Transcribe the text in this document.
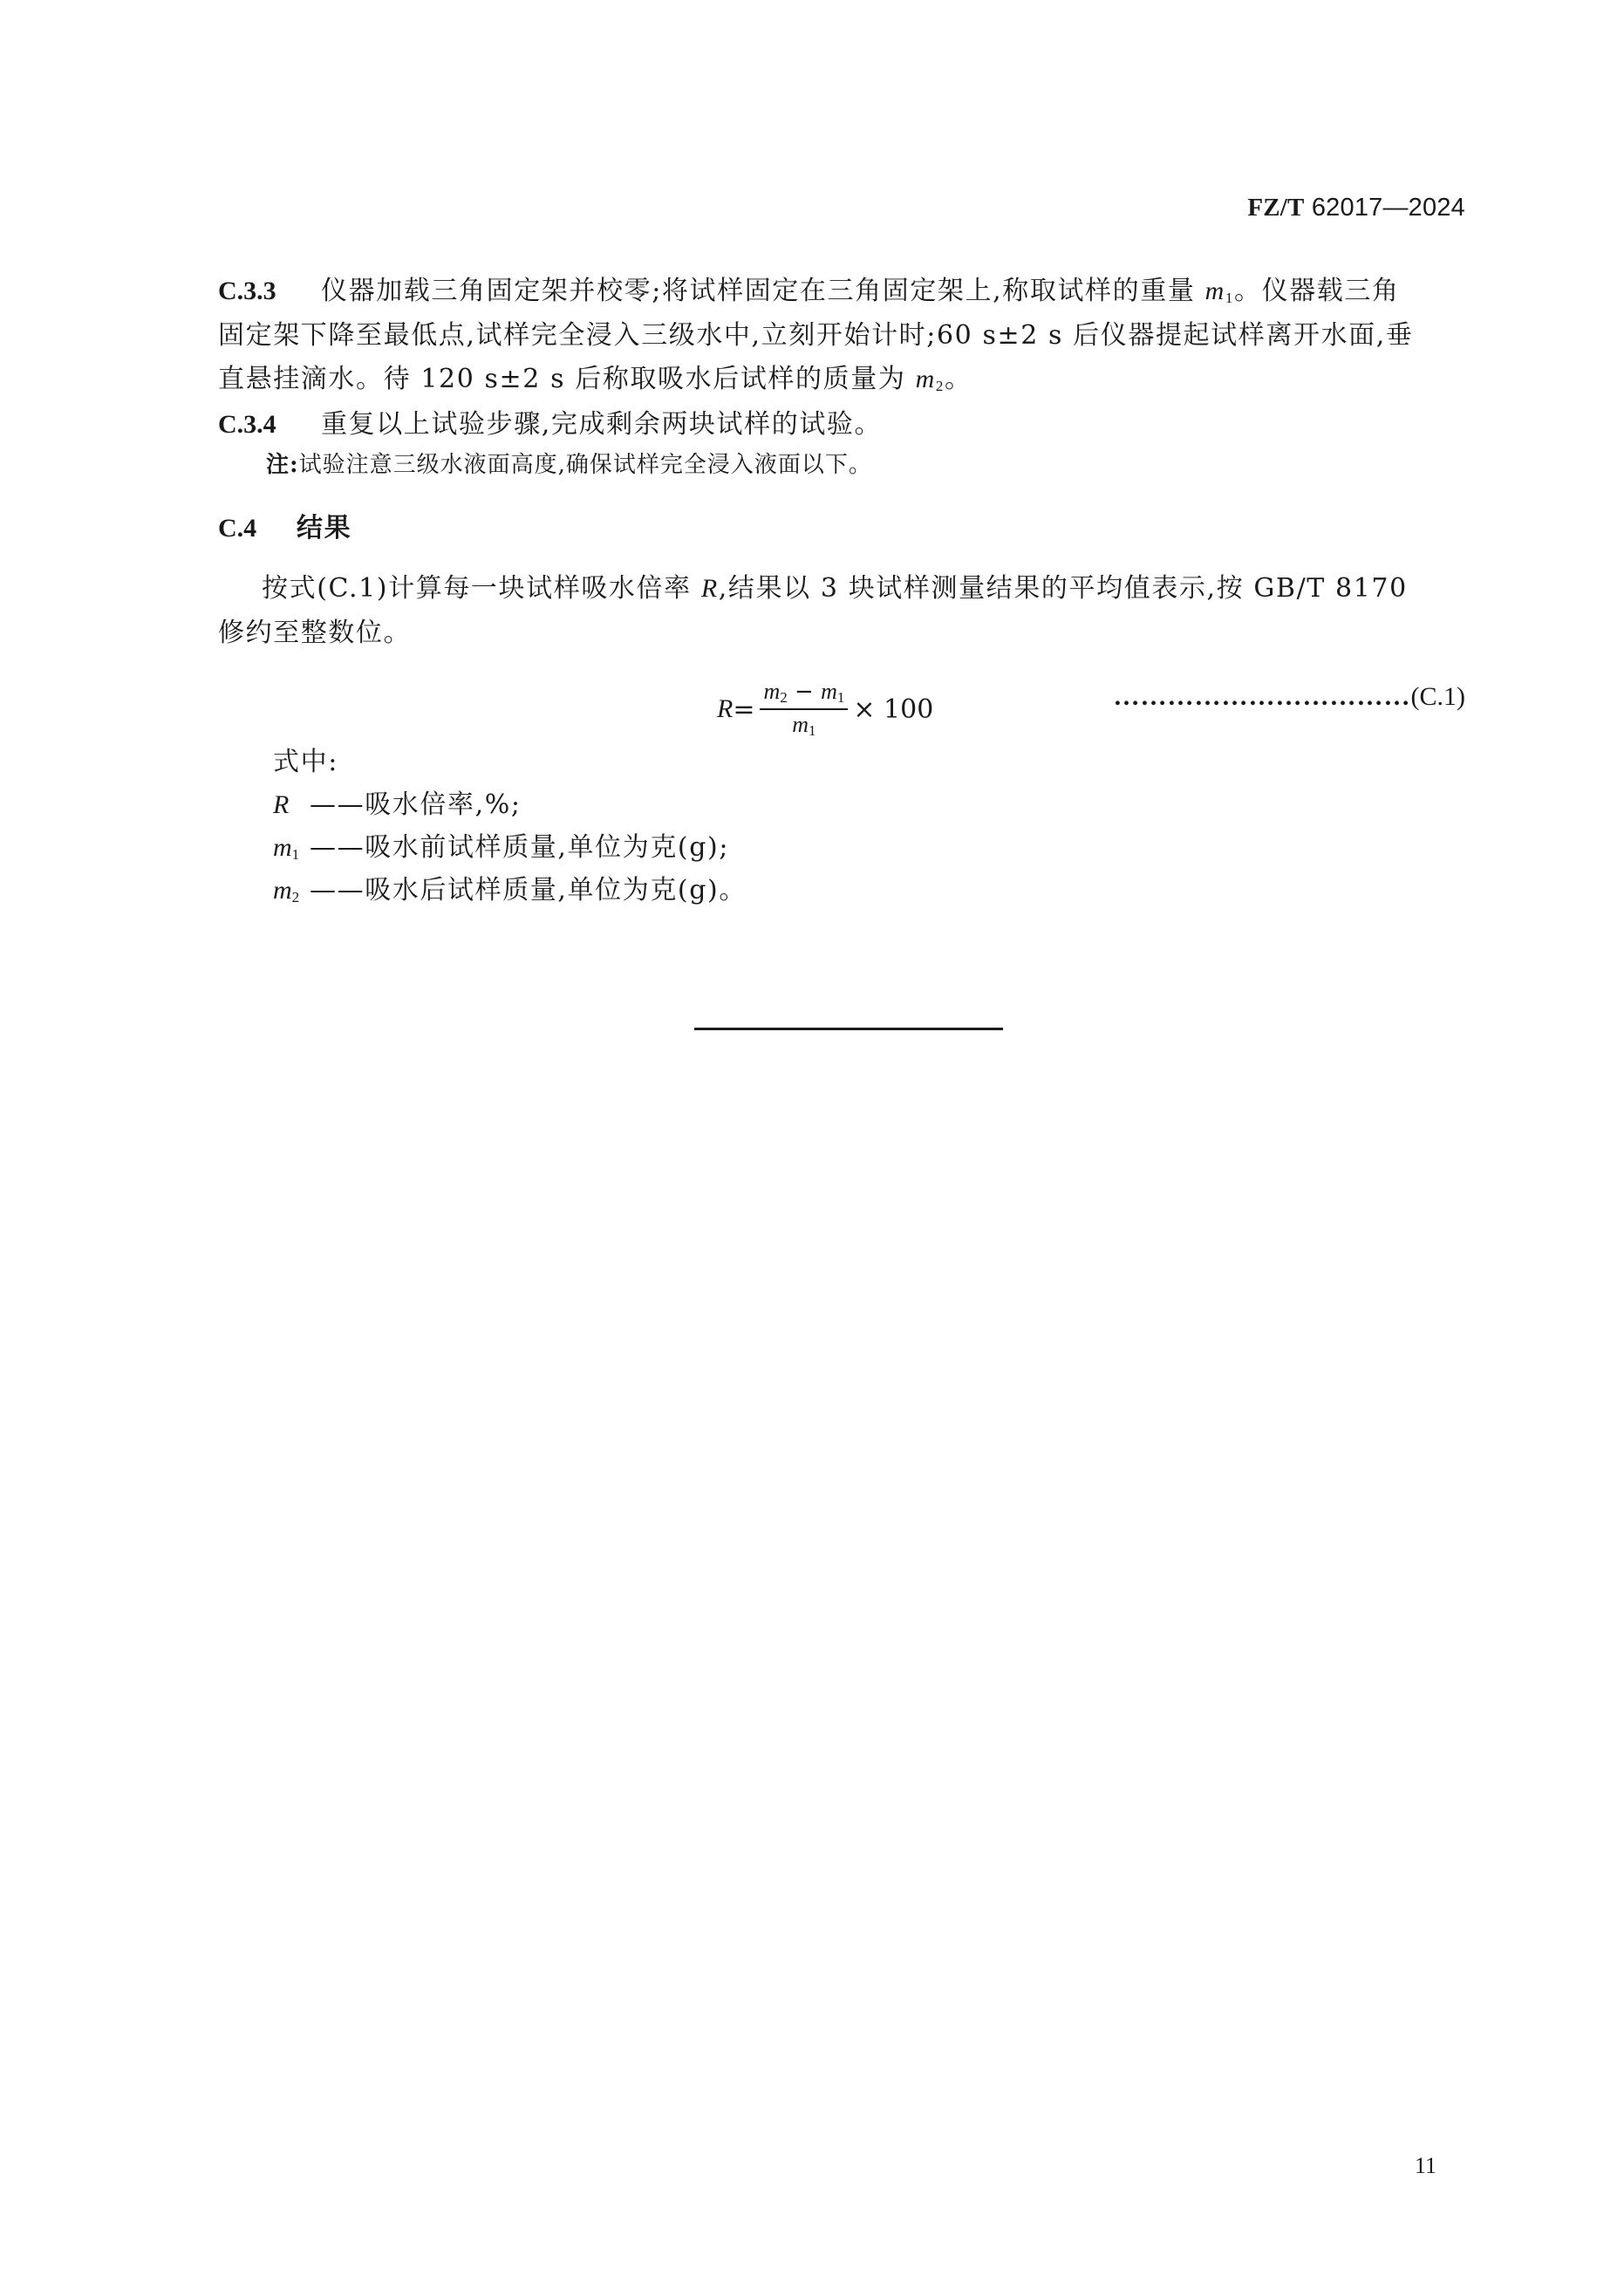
FZ/T 62017—2024
C.3.3 仪器加载三角固定架并校零;将试样固定在三角固定架上,称取试样的重量 $m_1$。仪器载三角
固定架下降至最低点,试样完全浸入三级水中,立刻开始计时;60 s±2 s 后仪器提起试样离开水面,垂
直悬挂滴水。待 120 s±2 s 后称取吸水后试样的质量为 $m_2$。
C.3.4 重复以上试验步骤,完成剩余两块试样的试验。
注:试验注意三级水液面高度,确保试样完全浸入液面以下。
C.4 结果
按式(C.1)计算每一块试样吸水倍率 R,结果以 3 块试样测量结果的平均值表示,按 GB/T 8170
修约至整数位。
$R = \frac{m_2 - m_1}{m_1} \times 100$	……………………………(C.1)
式中:
R ——吸水倍率,%;
$m_1$ ——吸水前试样质量,单位为克(g);
$m_2$ ——吸水后试样质量,单位为克(g)。
11
